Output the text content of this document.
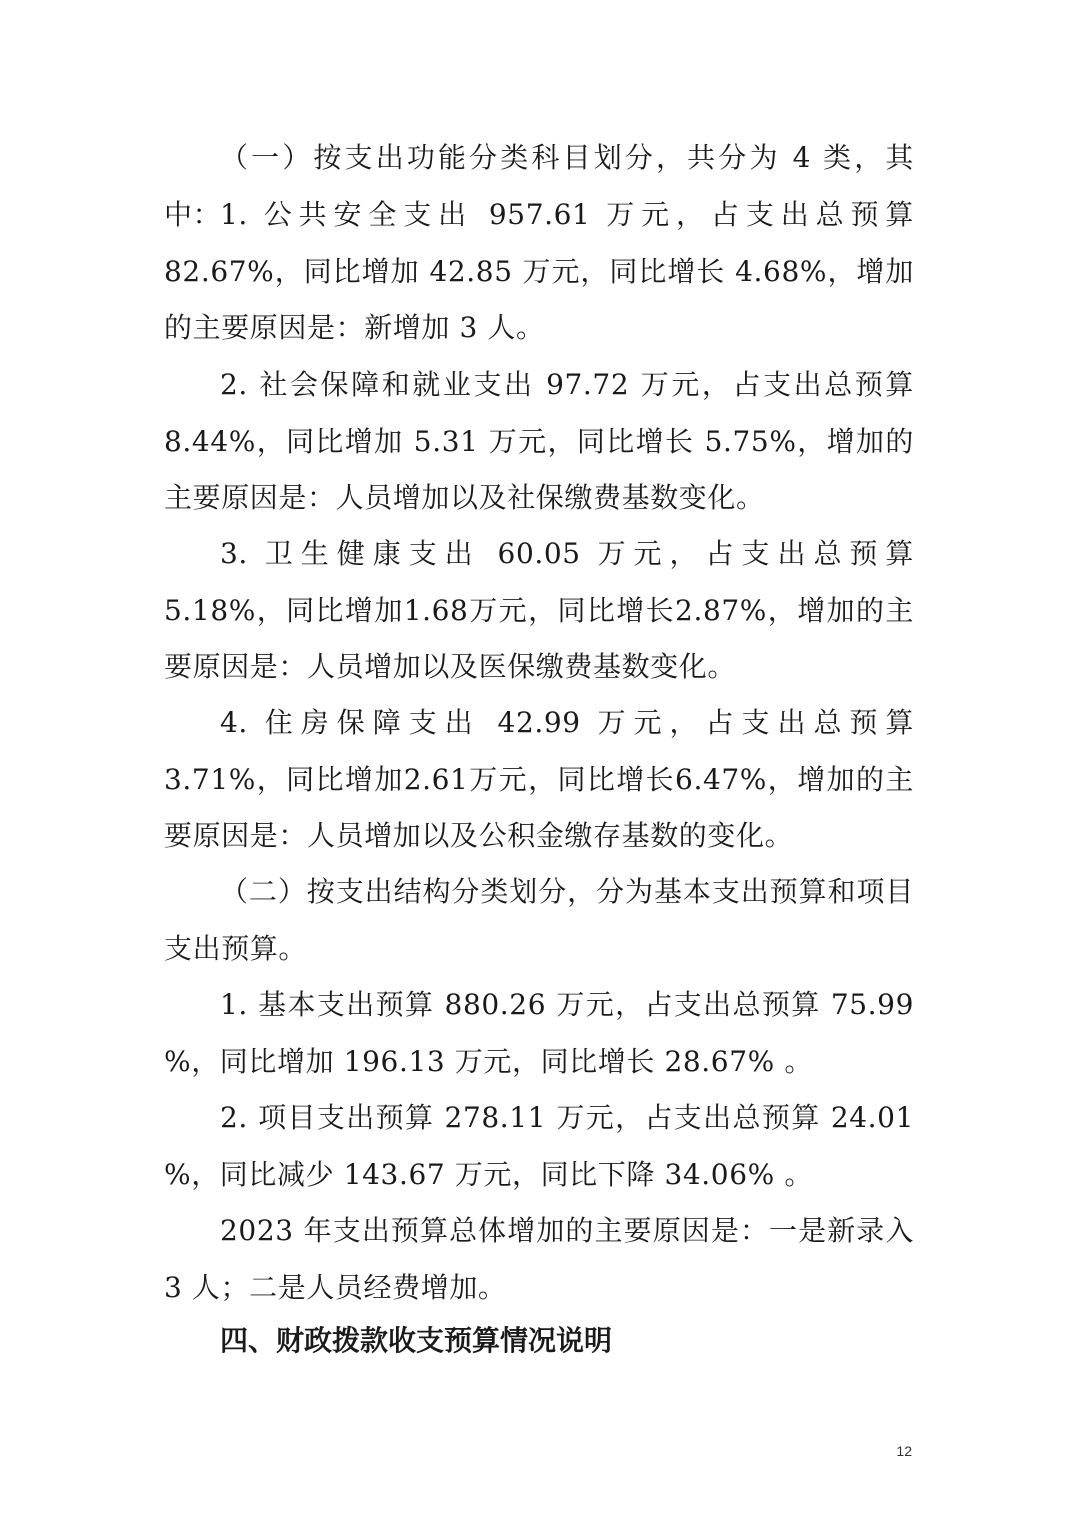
（一）按支出功能分类科目划分，共分为 4 类，其中：

1. 公共安全支出 957.61 万元，占支出总预算 82.67%，同比增加 42.85 万元，同比增长 4.68%，增加的主要原因是：新增加 3 人。

2. 社会保障和就业支出 97.72 万元，占支出总预算 8.44%，同比增加 5.31 万元，同比增长 5.75%，增加的主要原因是：人员增加以及社保缴费基数变化。

3. 卫生健康支出 60.05 万元，占支出总预算 5.18%，同比增加1.68万元，同比增长2.87%，增加的主要原因是：人员增加以及医保缴费基数变化。

4. 住房保障支出 42.99 万元，占支出总预算 3.71%，同比增加2.61万元，同比增长6.47%，增加的主要原因是：人员增加以及公积金缴存基数的变化。

（二）按支出结构分类划分，分为基本支出预算和项目支出预算。

1. 基本支出预算 880.26 万元，占支出总预算 75.99 %，同比增加 196.13 万元，同比增长 28.67% 。

2. 项目支出预算 278.11 万元，占支出总预算 24.01 %，同比减少 143.67 万元，同比下降 34.06% 。

2023 年支出预算总体增加的主要原因是：一是新录入 3 人；二是人员经费增加。

四、财政拨款收支预算情况说明
12
